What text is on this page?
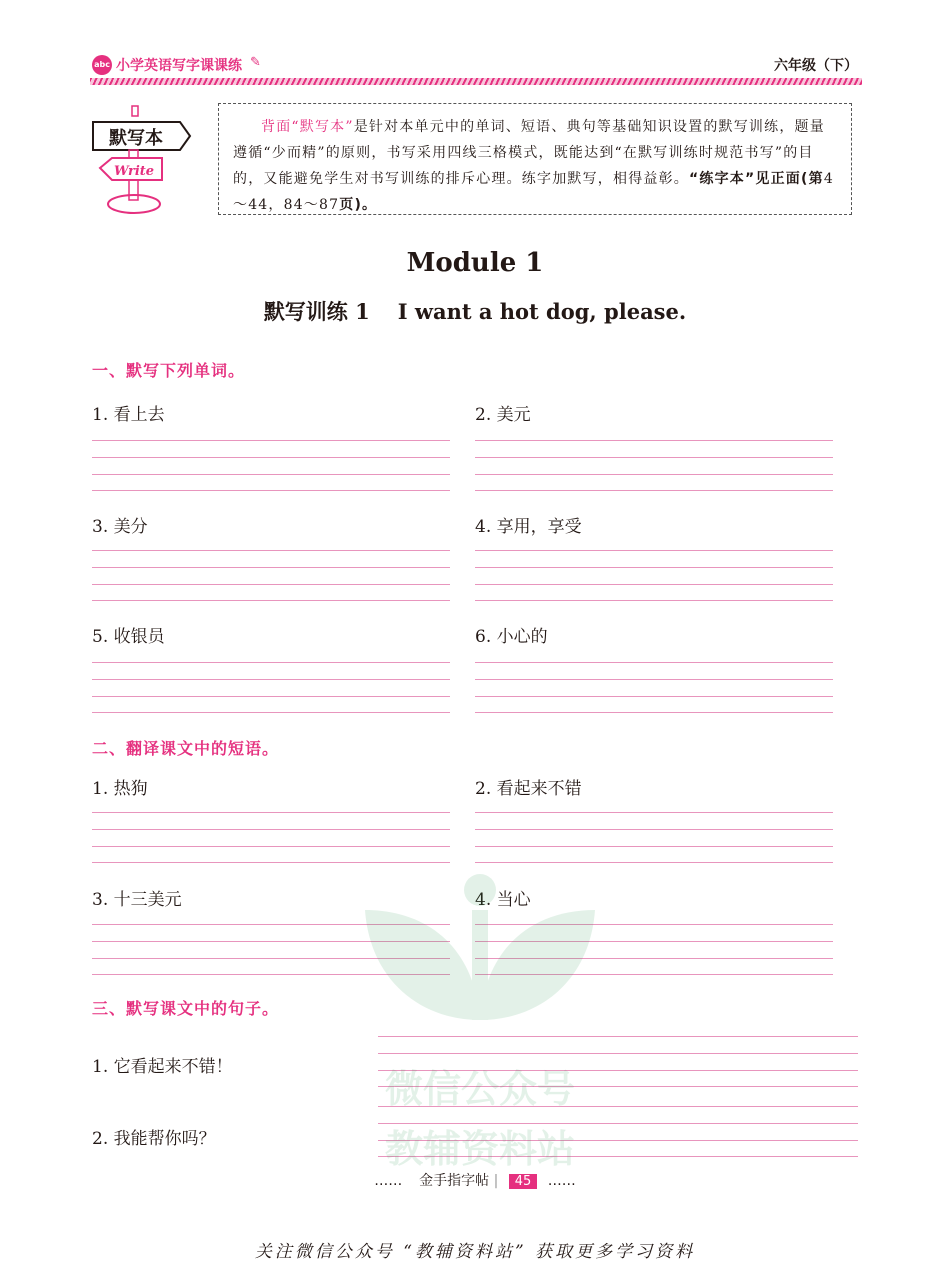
abc 小学英语写字课课练 ✎	六年级（下）
默写本
Write
背面“默写本”是针对本单元中的单词、短语、典句等基础知识设置的默写训练，题量遵循“少而精”的原则，书写采用四线三格模式，既能达到“在默写训练时规范书写”的目的，又能避免学生对书写训练的排斥心理。练字加默写，相得益彰。“练字本”见正面(第4～44，84～87页)。
Module 1
默写训练 1 I want a hot dog, please.
一、默写下列单词。
1. 看上去	2. 美元
3. 美分	4. 享用，享受
5. 收银员	6. 小心的
二、翻译课文中的短语。
1. 热狗	2. 看起来不错
3. 十三美元	4. 当心
三、默写课文中的句子。
1. 它看起来不错！
2. 我能帮你吗？
微信公众号
教辅资料站
…… 金手指字帖 | 45 ……
关注微信公众号 “教辅资料站” 获取更多学习资料
